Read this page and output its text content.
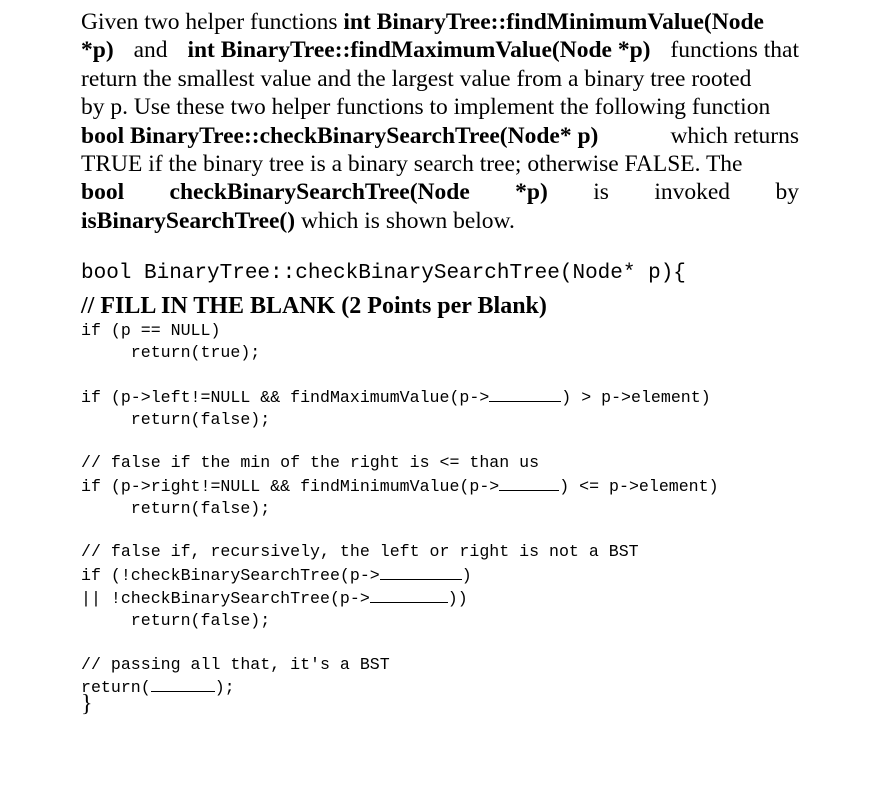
Given two helper functions int BinaryTree::findMinimumValue(Node
*p) and int BinaryTree::findMaximumValue(Node *p) functions that
return the smallest value and the largest value from a binary tree rooted
by p. Use these two helper functions to implement the following function
bool BinaryTree::checkBinarySearchTree(Node* p)	which returns
TRUE if the binary tree is a binary search tree; otherwise FALSE. The
bool checkBinarySearchTree(Node *p) is invoked by
isBinarySearchTree() which is shown below.
bool BinaryTree::checkBinarySearchTree(Node* p){
// FILL IN THE BLANK (2 Points per Blank)
if (p == NULL)
return(true);
if (p->left!=NULL && findMaximumValue(p->	) > p->element)
return(false);
// false if the min of the right is <= than us
if (p->right!=NULL && findMinimumValue(p->	) <= p->element)
return(false);
// false if, recursively, the left or right is not a BST
if (!checkBinarySearchTree(p->	)
|| !checkBinarySearchTree(p->	))
return(false);
// passing all that, it's a BST
return(	);
}
